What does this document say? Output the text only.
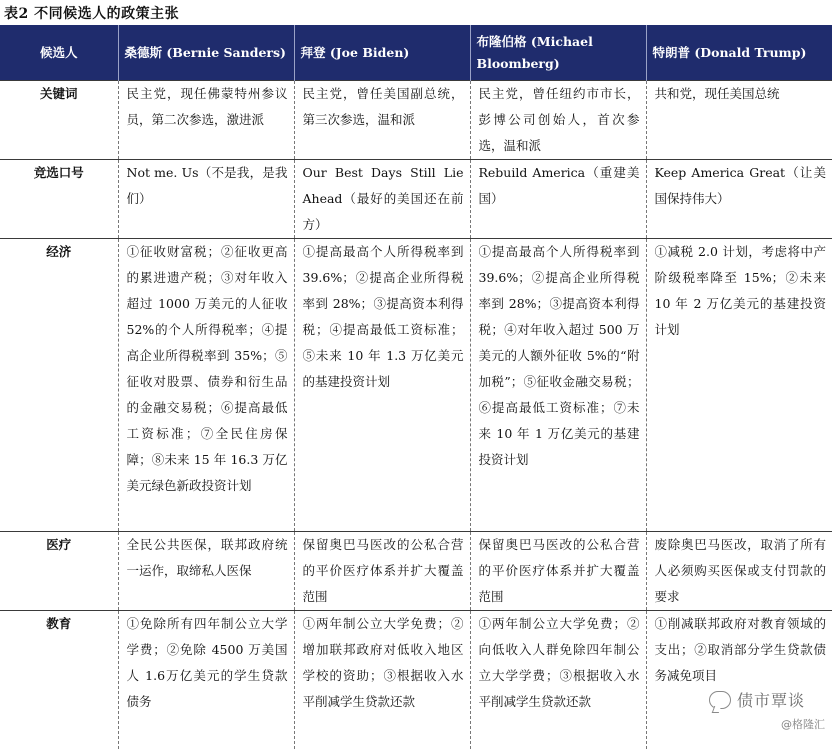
表2 不同候选人的政策主张
候选人	桑德斯 (Bernie Sanders)	拜登 (Joe Biden)	布隆伯格 (Michael Bloomberg)	特朗普 (Donald Trump)
关键词	民主党，现任佛蒙特州参议员，第二次参选，激进派	民主党，曾任美国副总统，第三次参选，温和派	民主党，曾任纽约市市长，彭博公司创始人，首次参选，温和派	共和党，现任美国总统
竞选口号	Not me. Us（不是我，是我们）	Our Best Days Still Lie Ahead（最好的美国还在前方）	Rebuild America（重建美国）	Keep America Great（让美国保持伟大）
经济	①征收财富税；②征收更高的累进遗产税；③对年收入超过 1000 万美元的人征收 52%的个人所得税率；④提高企业所得税率到 35%；⑤征收对股票、债券和衍生品的金融交易税；⑥提高最低工资标准；⑦全民住房保障；⑧未来 15 年 16.3 万亿美元绿色新政投资计划	①提高最高个人所得税率到 39.6%；②提高企业所得税率到 28%；③提高资本利得税；④提高最低工资标准；⑤未来 10 年 1.3 万亿美元的基建投资计划	①提高最高个人所得税率到 39.6%；②提高企业所得税率到 28%；③提高资本利得税；④对年收入超过 500 万美元的人额外征收 5%的“附加税”；⑤征收金融交易税；⑥提高最低工资标准；⑦未来 10 年 1 万亿美元的基建投资计划	①减税 2.0 计划，考虑将中产阶级税率降至 15%；②未来 10 年 2 万亿美元的基建投资计划
医疗	全民公共医保，联邦政府统一运作，取缔私人医保	保留奥巴马医改的公私合营的平价医疗体系并扩大覆盖范围	保留奥巴马医改的公私合营的平价医疗体系并扩大覆盖范围	废除奥巴马医改，取消了所有人必须购买医保或支付罚款的要求
教育	①免除所有四年制公立大学学费；②免除 4500 万美国人 1.6万亿美元的学生贷款债务	①两年制公立大学免费；②增加联邦政府对低收入地区学校的资助；③根据收入水平削减学生贷款还款	①两年制公立大学免费；②向低收入人群免除四年制公立大学学费；③根据收入水平削减学生贷款还款	①削减联邦政府对教育领域的支出；②取消部分学生贷款债务减免项目
债市覃谈
@格隆汇
